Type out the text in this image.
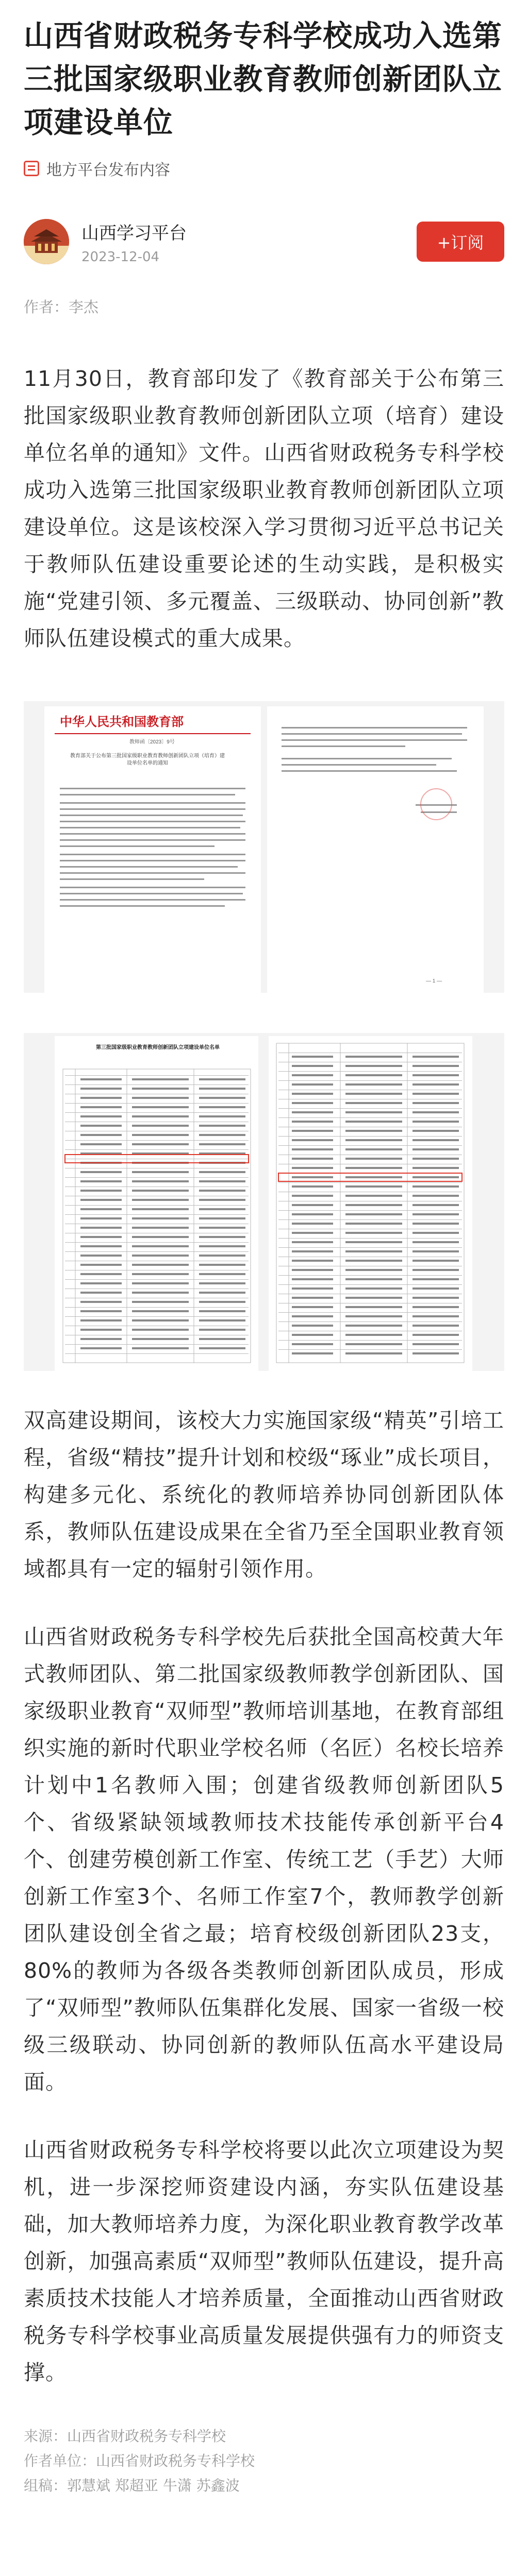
山西省财政税务专科学校成功入选第三批国家级职业教育教师创新团队立项建设单位
地方平台发布内容
山西学习平台
2023-12-04
+订阅
作者：李杰

11月30日，教育部印发了《教育部关于公布第三批国家级职业教育教师创新团队立项（培育）建设单位名单的通知》文件。山西省财政税务专科学校成功入选第三批国家级职业教育教师创新团队立项建设单位。这是该校深入学习贯彻习近平总书记关于教师队伍建设重要论述的生动实践，是积极实施“党建引领、多元覆盖、三级联动、协同创新”教师队伍建设模式的重大成果。

中华人民共和国教育部
教师函〔2023〕9号
教育部关于公布第三批国家级职业教育教师创新团队立项（培育）建设单位名单的通知
— 1 —
第三批国家级职业教育教师创新团队立项建设单位名单

双高建设期间，该校大力实施国家级“精英”引培工程，省级“精技”提升计划和校级“琢业”成长项目，构建多元化、系统化的教师培养协同创新团队体系，教师队伍建设成果在全省乃至全国职业教育领域都具有一定的辐射引领作用。

山西省财政税务专科学校先后获批全国高校黄大年式教师团队、第二批国家级教师教学创新团队、国家级职业教育“双师型”教师培训基地，在教育部组织实施的新时代职业学校名师（名匠）名校长培养计划中1名教师入围；创建省级教师创新团队5个、省级紧缺领域教师技术技能传承创新平台4个、创建劳模创新工作室、传统工艺（手艺）大师创新工作室3个、名师工作室7个，教师教学创新团队建设创全省之最；培育校级创新团队23支，80%的教师为各级各类教师创新团队成员，形成了“双师型”教师队伍集群化发展、国家一省级一校级三级联动、协同创新的教师队伍高水平建设局面。

山西省财政税务专科学校将要以此次立项建设为契机，进一步深挖师资建设内涵，夯实队伍建设基础，加大教师培养力度，为深化职业教育教学改革创新，加强高素质“双师型”教师队伍建设，提升高素质技术技能人才培养质量，全面推动山西省财政税务专科学校事业高质量发展提供强有力的师资支撑。

来源：山西省财政税务专科学校
作者单位：山西省财政税务专科学校
组稿：郭慧斌 郑超亚 牛潇 苏鑫波
